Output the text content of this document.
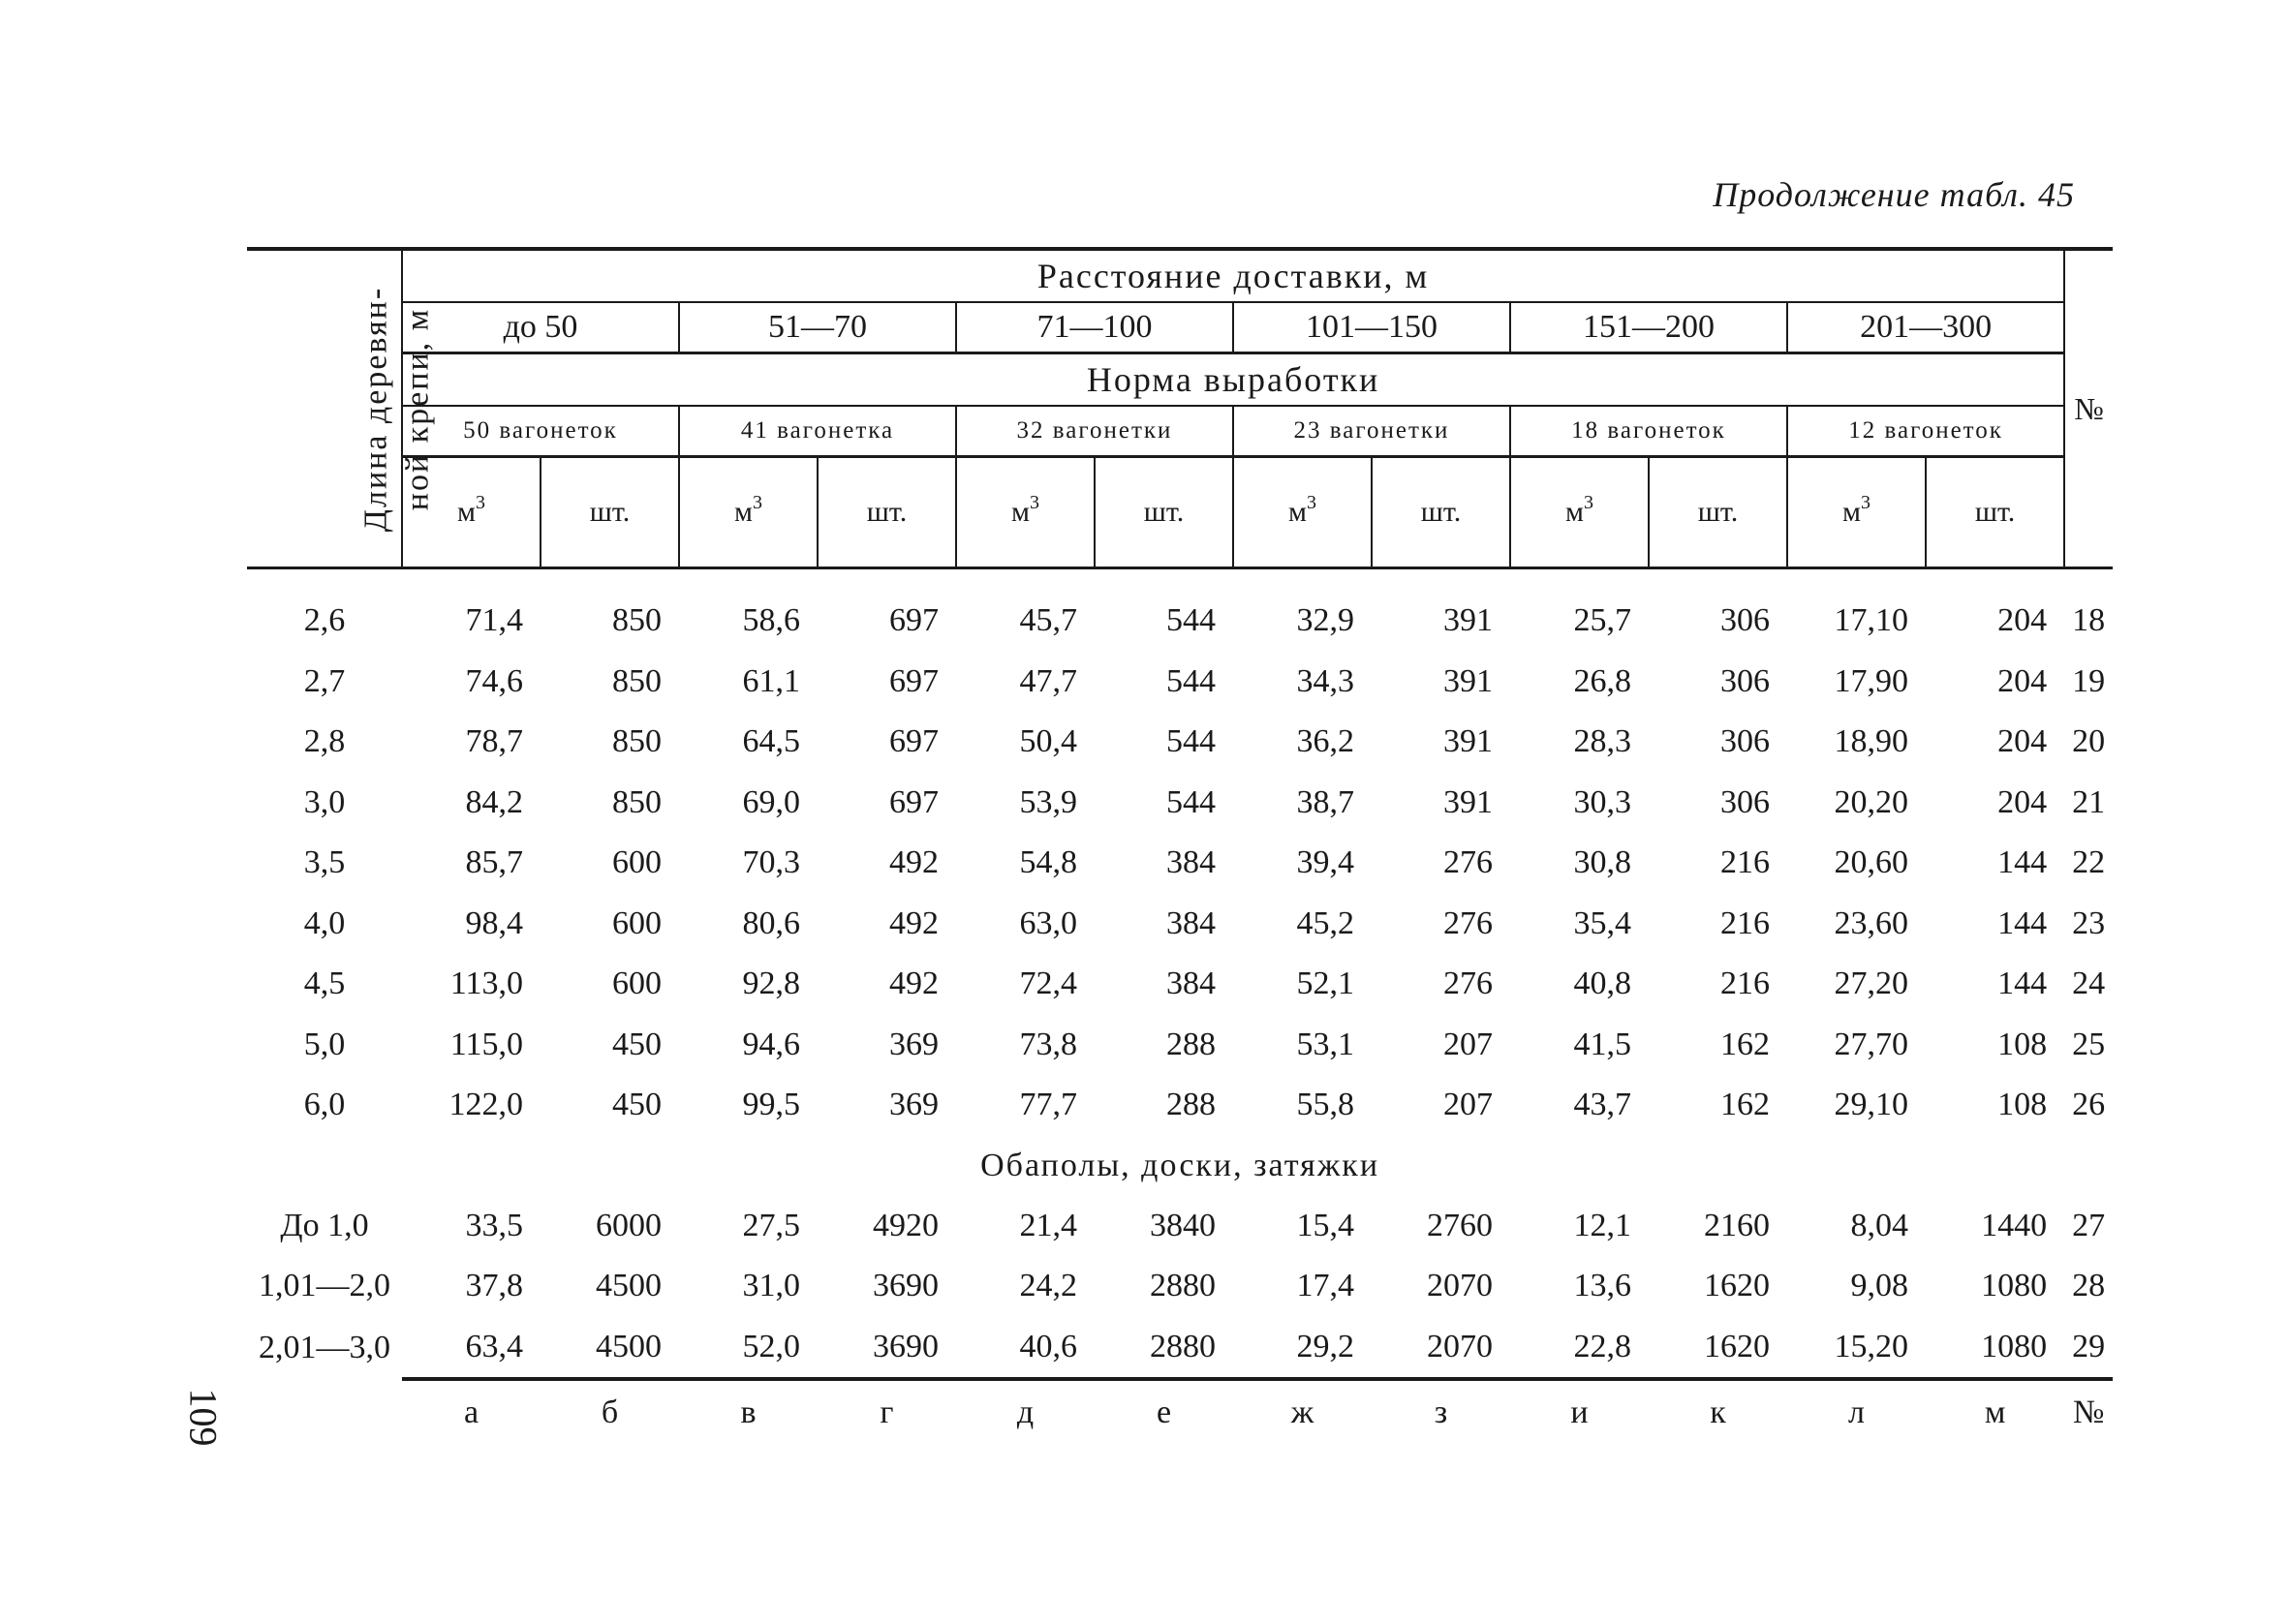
Продолжение табл. 45
109
Длина деревян- ной крепи, м	Расстояние доставки, м												№
	до 50		51—70		71—100		101—150		151—200		201—300		
	Норма выработки												
	50 вагонеток		41 вагонетка		32 вагонетки		23 вагонетки		18 вагонеток		12 вагонеток		
	$м^3$	шт.	$м^3$	шт.	$м^3$	шт.	$м^3$	шт.	$м^3$	шт.	$м^3$	шт.	

2,6	71,4	850	58,6	697	45,7	544	32,9	391	25,7	306	17,10	204	18
2,7	74,6	850	61,1	697	47,7	544	34,3	391	26,8	306	17,90	204	19
2,8	78,7	850	64,5	697	50,4	544	36,2	391	28,3	306	18,90	204	20
3,0	84,2	850	69,0	697	53,9	544	38,7	391	30,3	306	20,20	204	21
3,5	85,7	600	70,3	492	54,8	384	39,4	276	30,8	216	20,60	144	22
4,0	98,4	600	80,6	492	63,0	384	45,2	276	35,4	216	23,60	144	23
4,5	113,0	600	92,8	492	72,4	384	52,1	276	40,8	216	27,20	144	24
5,0	115,0	450	94,6	369	73,8	288	53,1	207	41,5	162	27,70	108	25
6,0	122,0	450	99,5	369	77,7	288	55,8	207	43,7	162	29,10	108	26
Обаполы, доски, затяжки													
До 1,0	33,5	6000	27,5	4920	21,4	3840	15,4	2760	12,1	2160	8,04	1440	27
1,01—2,0	37,8	4500	31,0	3690	24,2	2880	17,4	2070	13,6	1620	9,08	1080	28
2,01—3,0	63,4	4500	52,0	3690	40,6	2880	29,2	2070	22,8	1620	15,20	1080	29
	а	б	в	г	д	е	ж	з	и	к	л	м	№
